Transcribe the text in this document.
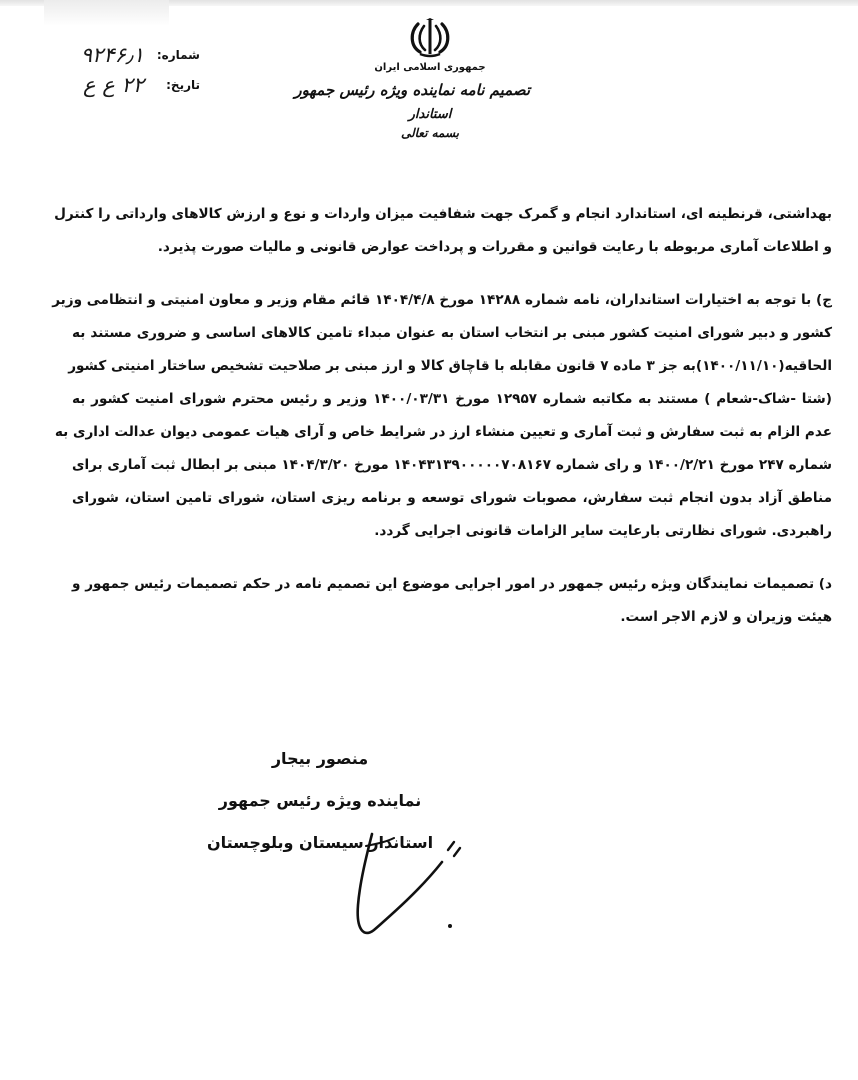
شماره:
۹۲۴۶٫۱
تاریخ:
۲۲ ع ع
جمهوری اسلامی ایران
تصمیم نامه نماینده ویژه رئیس جمهور
استاندار
بسمه تعالی
بهداشتی، قرنطینه ای، استاندارد انجام و گمرک جهت شفافیت میزان واردات و نوع و ارزش کالاهای وارداتی را کنترل
و اطلاعات آماری مربوطه با رعایت قوانین و مقررات و پرداخت عوارض قانونی و مالیات صورت پذیرد.
ج) با توجه به اختیارات استانداران، نامه شماره ۱۴۲۸۸ مورخ ۱۴۰۴/۴/۸ قائم مقام وزیر و معاون امنیتی و انتظامی وزیر
کشور و دبیر شورای امنیت کشور مبنی بر انتخاب استان به عنوان مبداء تامین کالاهای اساسی و ضروری مستند به
الحاقیه(۱۴۰۰/۱۱/۱۰)به جز ۳ ماده ۷ قانون مقابله با قاچاق کالا و ارز مبنی بر صلاحیت تشخیص ساختار امنیتی کشور
(شتا -شاک-شعام ) مستند به مکاتبه شماره ۱۲۹۵۷ مورخ ۱۴۰۰/۰۳/۳۱ وزیر و رئیس محترم شورای امنیت کشور به
عدم الزام به ثبت سفارش و ثبت آماری و تعیین منشاء ارز در شرایط خاص و آرای هیات عمومی دیوان عدالت اداری به
شماره ۲۴۷ مورخ ۱۴۰۰/۲/۲۱ و رای شماره ۱۴۰۴۳۱۳۹۰۰۰۰۰۷۰۸۱۶۷ مورخ ۱۴۰۴/۳/۲۰ مبنی بر ابطال ثبت آماری برای
مناطق آزاد بدون انجام ثبت سفارش، مصوبات شورای توسعه و برنامه ریزی استان، شورای تامین استان، شورای
راهبردی. شورای نظارتی بارعایت سایر الزامات قانونی اجرایی گردد.
د) تصمیمات نمایندگان ویژه رئیس جمهور در امور اجرایی موضوع این تصمیم نامه در حکم تصمیمات رئیس جمهور و
هیئت وزیران و لازم الاجر است.
منصور بیجار
نماینده ویژه رئیس جمهور
استاندار سیستان وبلوچستان
